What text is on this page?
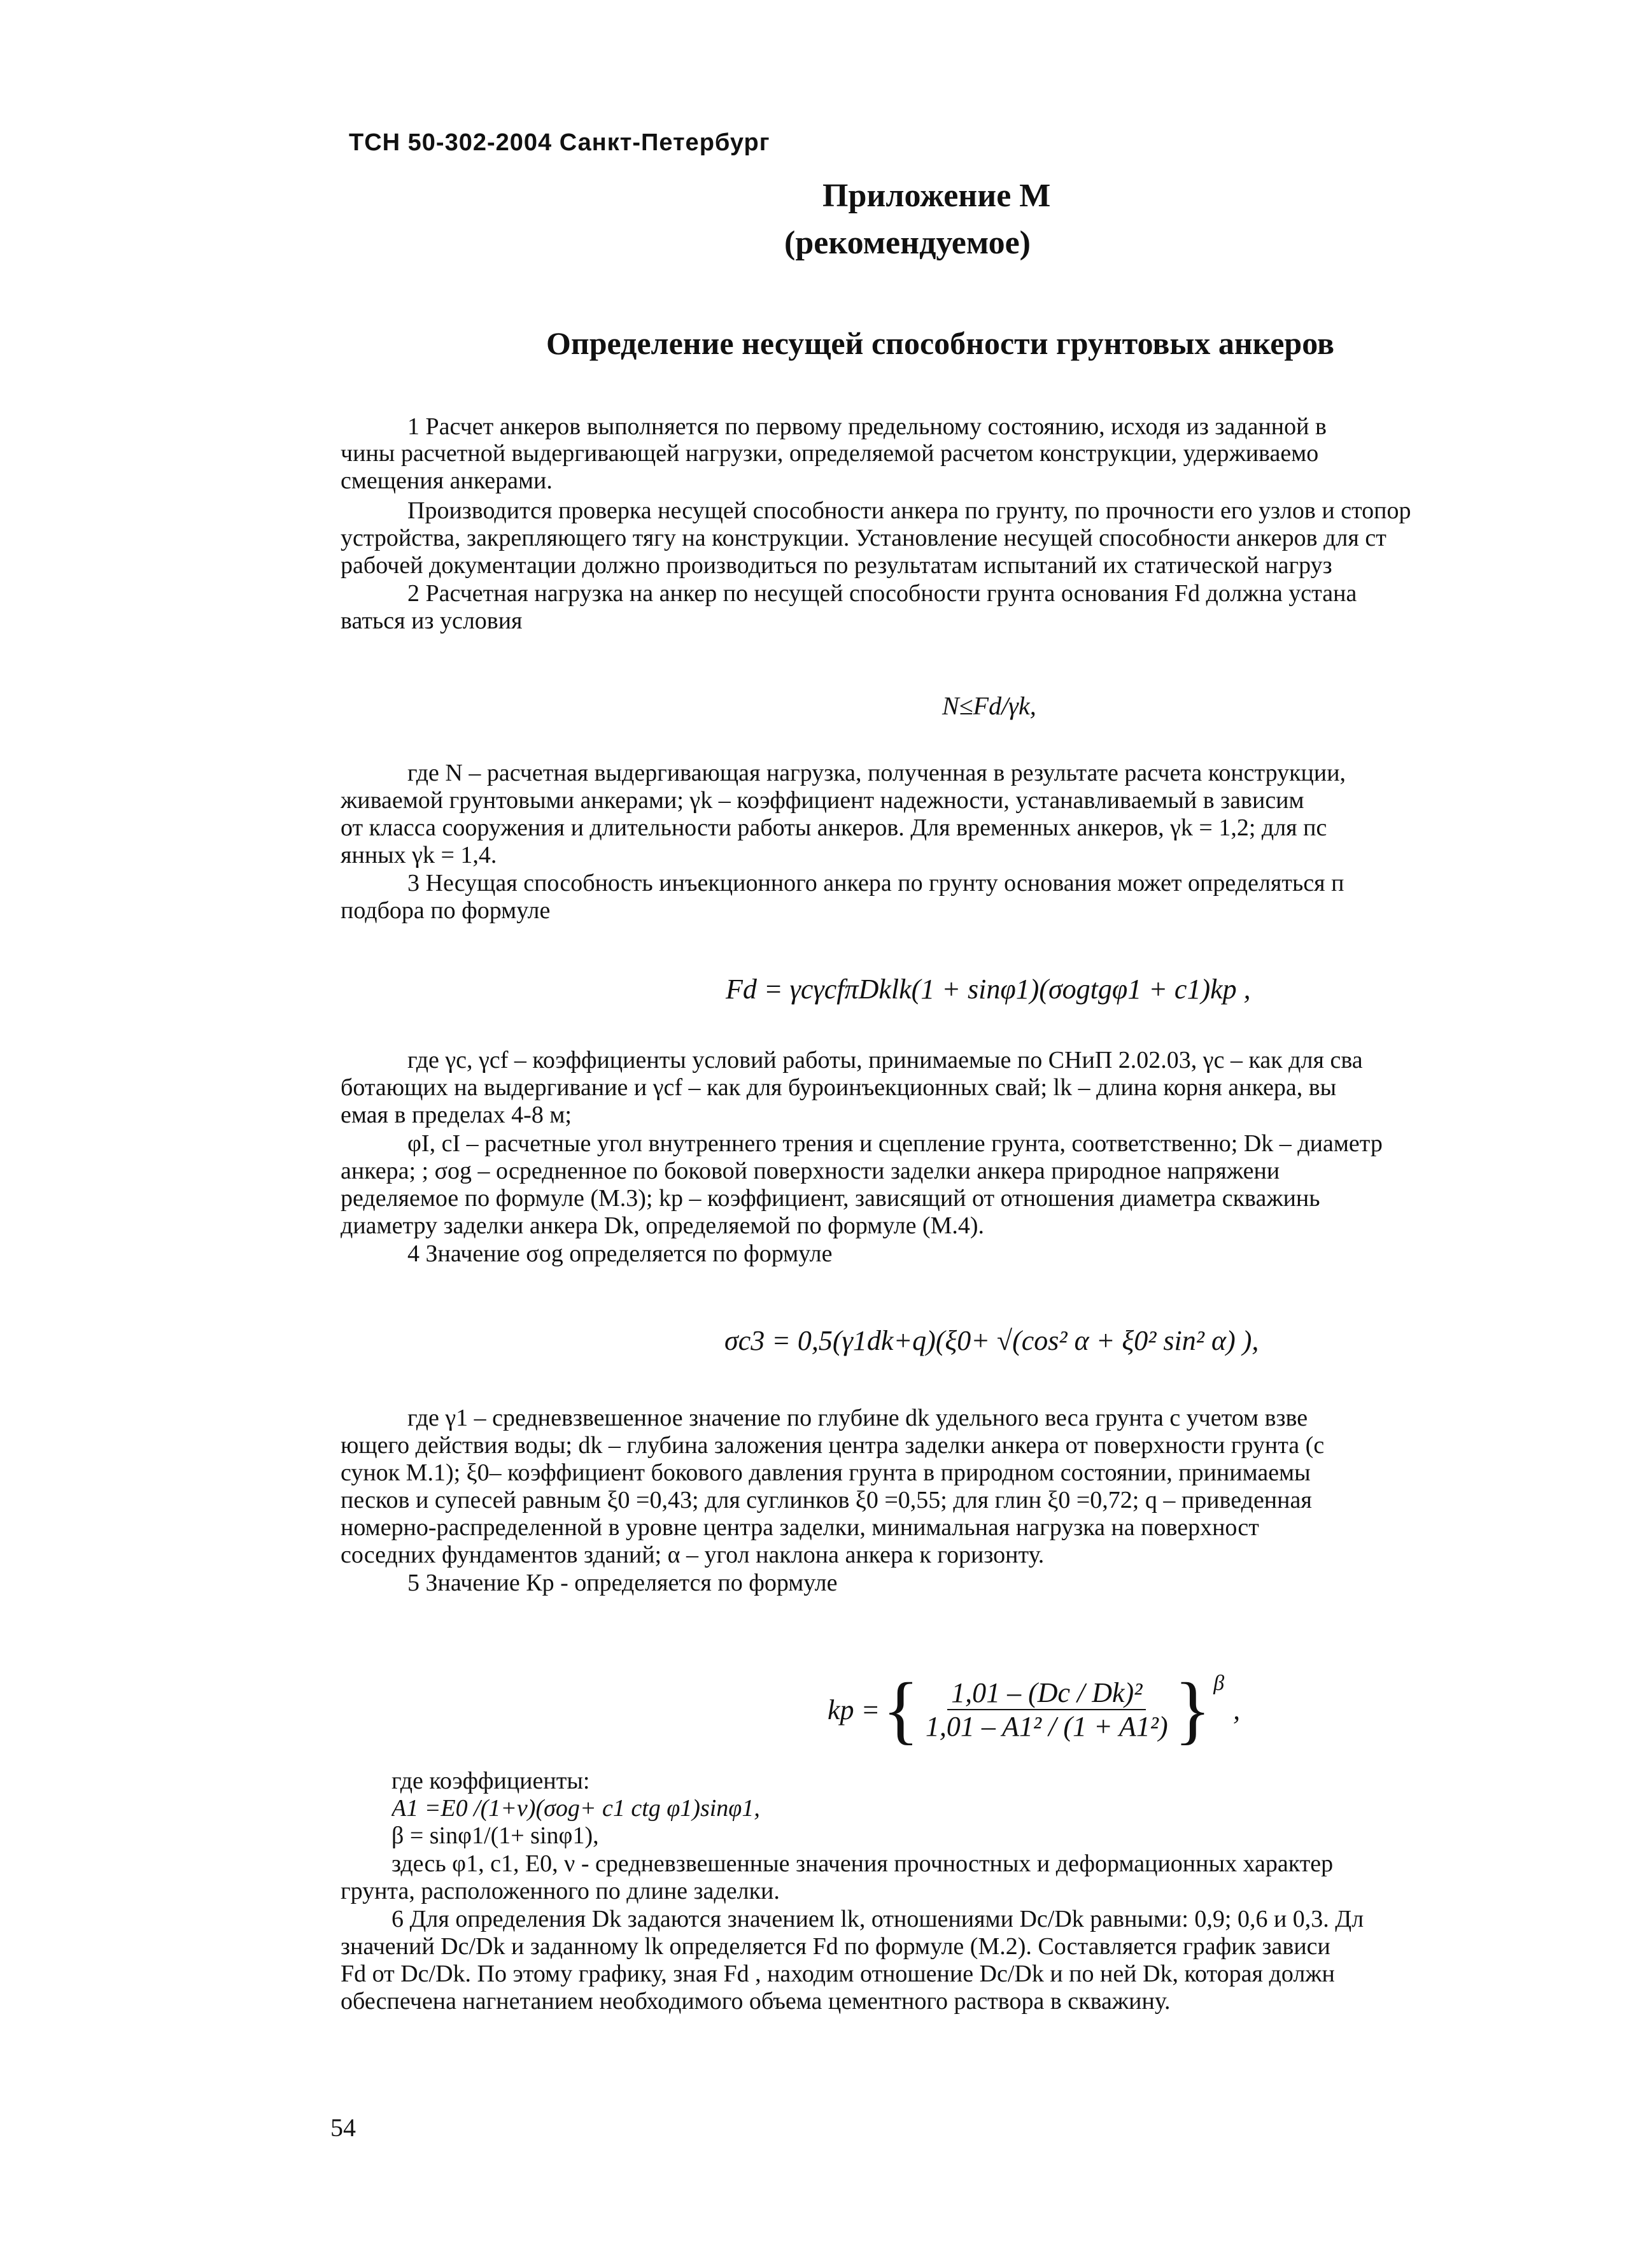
ТСН 50-302-2004 Санкт-Петербург
Приложение М
(рекомендуемое)
Определение несущей способности грунтовых анкеров
1 Расчет анкеров выполняется по первому предельному состоянию, исходя из заданной в
чины расчетной выдергивающей нагрузки, определяемой расчетом конструкции, удерживаемо
смещения анкерами.
Производится проверка несущей способности анкера по грунту, по прочности его узлов и стопор
устройства, закрепляющего тягу на конструкции. Установление несущей способности анкеров для ст
рабочей документации должно производиться по результатам испытаний их статической нагруз
2 Расчетная нагрузка на анкер по несущей способности грунта основания Fd должна устана
ваться из условия
N≤Fd/γk,
где N – расчетная выдергивающая нагрузка, полученная в результате расчета конструкции,
живаемой грунтовыми анкерами; γk – коэффициент надежности, устанавливаемый в зависим
от класса сооружения и длительности работы анкеров. Для временных анкеров, γk = 1,2; для пс
янных γk = 1,4.
3 Несущая способность инъекционного анкера по грунту основания может определяться п
подбора по формуле
Fd = γcγcfπDklk(1 + sinφ1)(σogtgφ1 + c1)kp ,
где γc, γcf – коэффициенты условий работы, принимаемые по СНиП 2.02.03, γc – как для сва
ботающих на выдергивание и γcf – как для буроинъекционных свай; lk – длина корня анкера, вы
емая в пределах 4-8 м;
φI, cI – расчетные угол внутреннего трения и сцепление грунта, соответственно; Dk – диаметр
анкера; ; σog – осредненное по боковой поверхности заделки анкера природное напряжени
ределяемое по формуле (М.3); kp – коэффициент, зависящий от отношения диаметра скважинь
диаметру заделки анкера Dk, определяемой по формуле (М.4).
4 Значение σog определяется по формуле
σc3 = 0,5(γ1dk+q)(ξ0+ √(cos² α + ξ0² sin² α) ),
где γ1 – средневзвешенное значение по глубине dk удельного веса грунта с учетом взве
ющего действия воды; dk – глубина заложения центра заделки анкера от поверхности грунта (с
сунок М.1); ξ0– коэффициент бокового давления грунта в природном состоянии, принимаемы
песков и супесей равным ξ0 =0,43; для суглинков ξ0 =0,55; для глин ξ0 =0,72; q – приведенная
номерно-распределенной в уровне центра заделки, минимальная нагрузка на поверхност
соседних фундаментов зданий; α – угол наклона анкера к горизонту.
5 Значение Кр - определяется по формуле
kp = { $\frac{\text{1,01 – (Dc / Dk)²}}{\text{1,01 – A1² / (1 + A1²)}} \}^\beta$
,
где коэффициенты:
A1 =E0 /(1+ν)(σog+ c1 ctg φ1)sinφ1,
β = sinφ1/(1+ sinφ1),
здесь φ1, c1, E0, ν - средневзвешенные значения прочностных и деформационных характер
грунта, расположенного по длине заделки.
6 Для определения Dk задаются значением lk, отношениями Dc/Dk равными: 0,9; 0,6 и 0,3. Дл
значений Dc/Dk и заданному lk определяется Fd по формуле (М.2). Составляется график зависи
Fd от Dc/Dk. По этому графику, зная Fd , находим отношение Dc/Dk и по ней Dk, которая должн
обеспечена нагнетанием необходимого объема цементного раствора в скважину.
54
